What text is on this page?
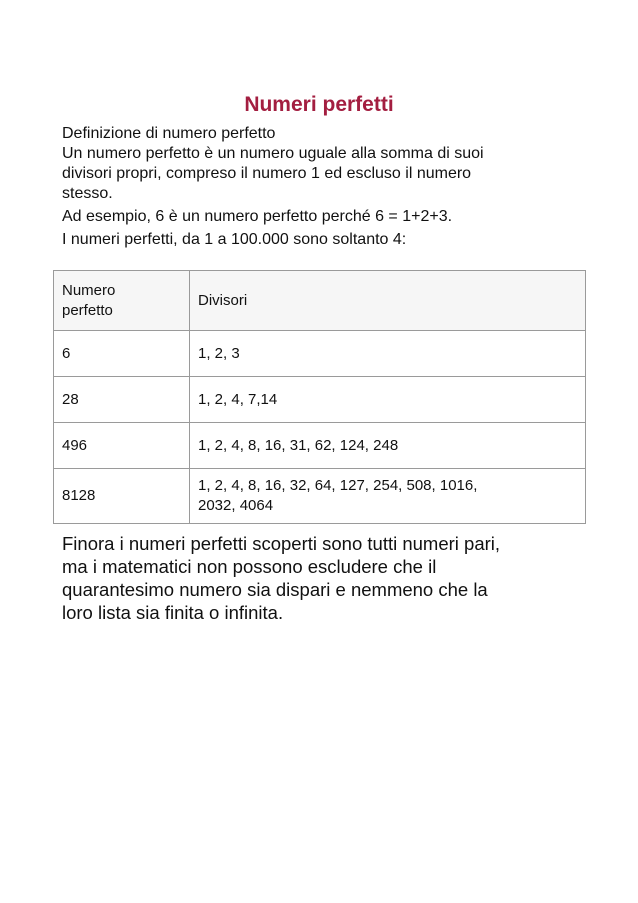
Numeri perfetti

Definizione di numero perfetto

Un numero perfetto è un numero uguale alla somma di suoi
divisori propri, compreso il numero 1 ed escluso il numero
stesso.

Ad esempio, 6 è un numero perfetto perché 6 = 1+2+3.

I numeri perfetti, da 1 a 100.000 sono soltanto 4:

Numero
perfetto	Divisori
6	1, 2, 3
28	1, 2, 4, 7,14
496	1, 2, 4, 8, 16, 31, 62, 124, 248
8128	1, 2, 4, 8, 16, 32, 64, 127, 254, 508, 1016,
2032, 4064

Finora i numeri perfetti scoperti sono tutti numeri pari,

ma i matematici non possono escludere che il

quarantesimo numero sia dispari e nemmeno che la

loro lista sia finita o infinita.
